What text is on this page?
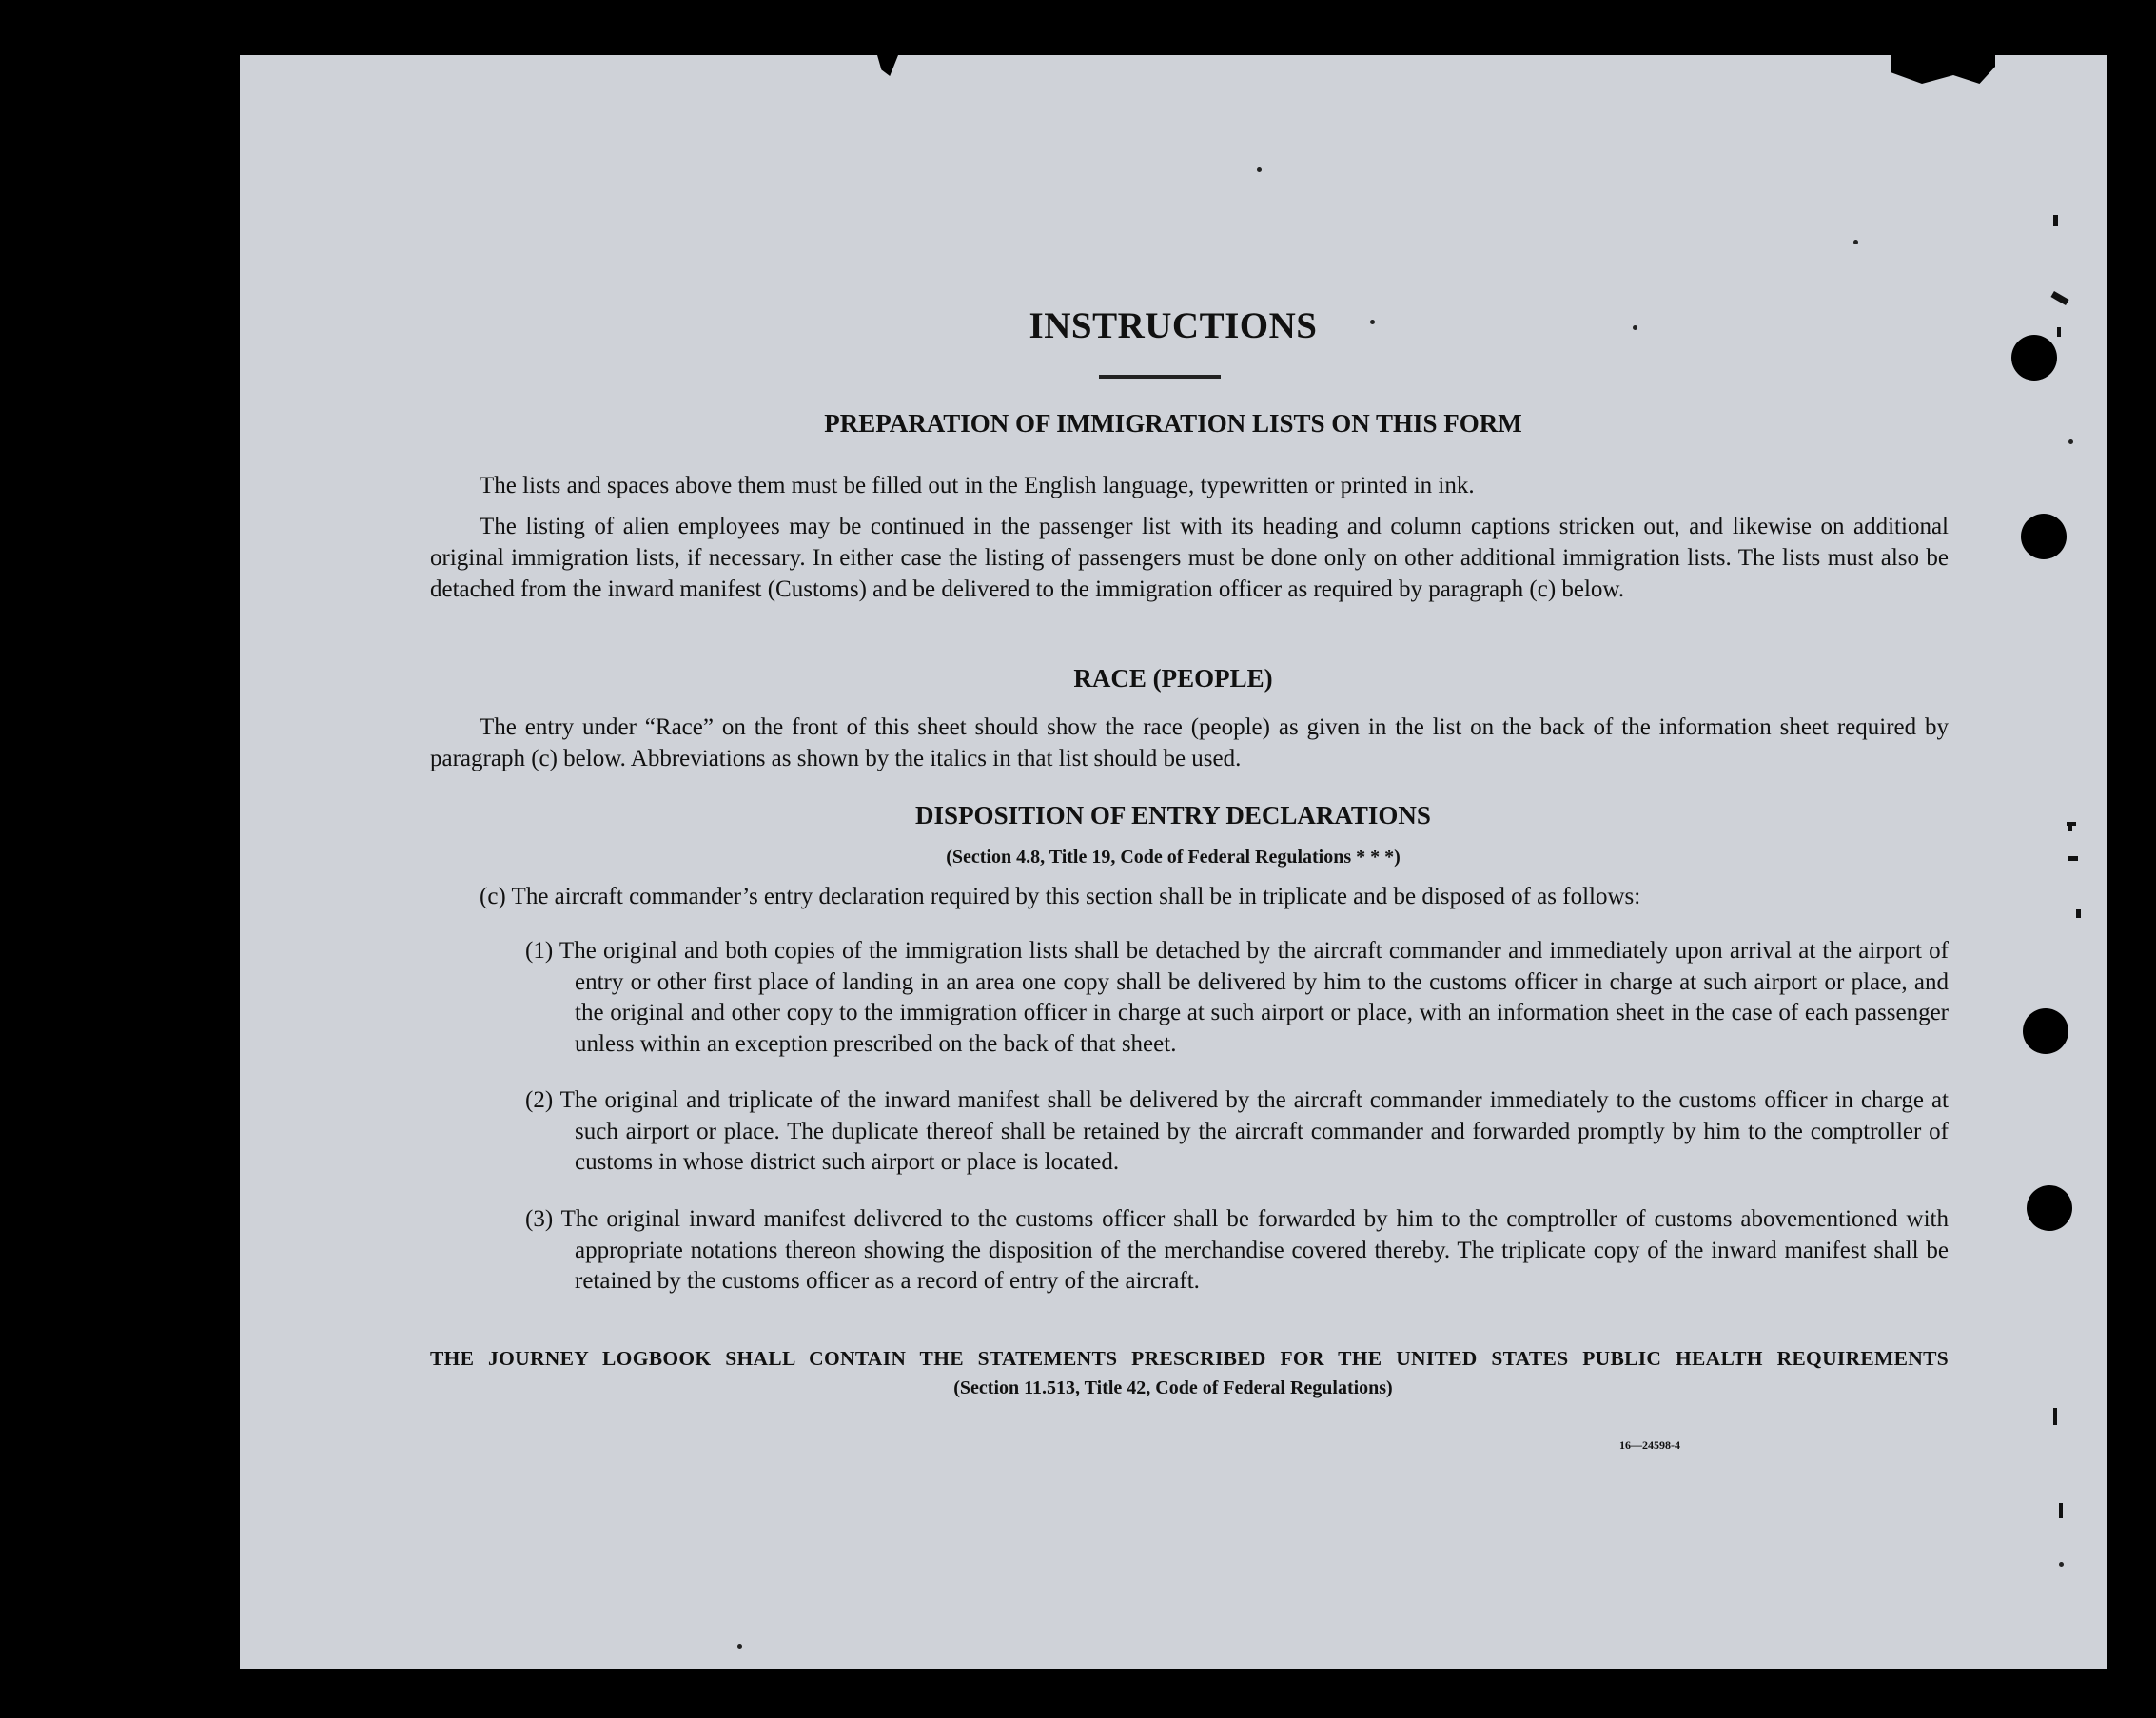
INSTRUCTIONS
PREPARATION OF IMMIGRATION LISTS ON THIS FORM

The lists and spaces above them must be filled out in the English language, typewritten or printed in ink.

The listing of alien employees may be continued in the passenger list with its heading and column captions stricken out, and likewise on additional original immigration lists, if necessary. In either case the listing of passengers must be done only on other additional immigration lists. The lists must also be detached from the inward manifest (Customs) and be delivered to the immigration officer as required by paragraph (c) below.

RACE (PEOPLE)

The entry under “Race” on the front of this sheet should show the race (people) as given in the list on the back of the information sheet required by paragraph (c) below. Abbreviations as shown by the italics in that list should be used.

DISPOSITION OF ENTRY DECLARATIONS
(Section 4.8, Title 19, Code of Federal Regulations * * *)

(c) The aircraft commander’s entry declaration required by this section shall be in triplicate and be disposed of as follows:

(1) The original and both copies of the immigration lists shall be detached by the aircraft commander and immediately upon arrival at the airport of entry or other first place of landing in an area one copy shall be delivered by him to the customs officer in charge at such airport or place, and the original and other copy to the immigration officer in charge at such airport or place, with an information sheet in the case of each passenger unless within an exception prescribed on the back of that sheet.
(2) The original and triplicate of the inward manifest shall be delivered by the aircraft commander immediately to the customs officer in charge at such airport or place. The duplicate thereof shall be retained by the aircraft commander and forwarded promptly by him to the comptroller of customs in whose district such airport or place is located.
(3) The original inward manifest delivered to the customs officer shall be forwarded by him to the comptroller of customs abovementioned with appropriate notations thereon showing the disposition of the merchandise covered thereby. The triplicate copy of the inward manifest shall be retained by the customs officer as a record of entry of the aircraft.
THE JOURNEY LOGBOOK SHALL CONTAIN THE STATEMENTS PRESCRIBED FOR THE UNITED STATES PUBLIC HEALTH REQUIREMENTS
(Section 11.513, Title 42, Code of Federal Regulations)
16—24598-4
